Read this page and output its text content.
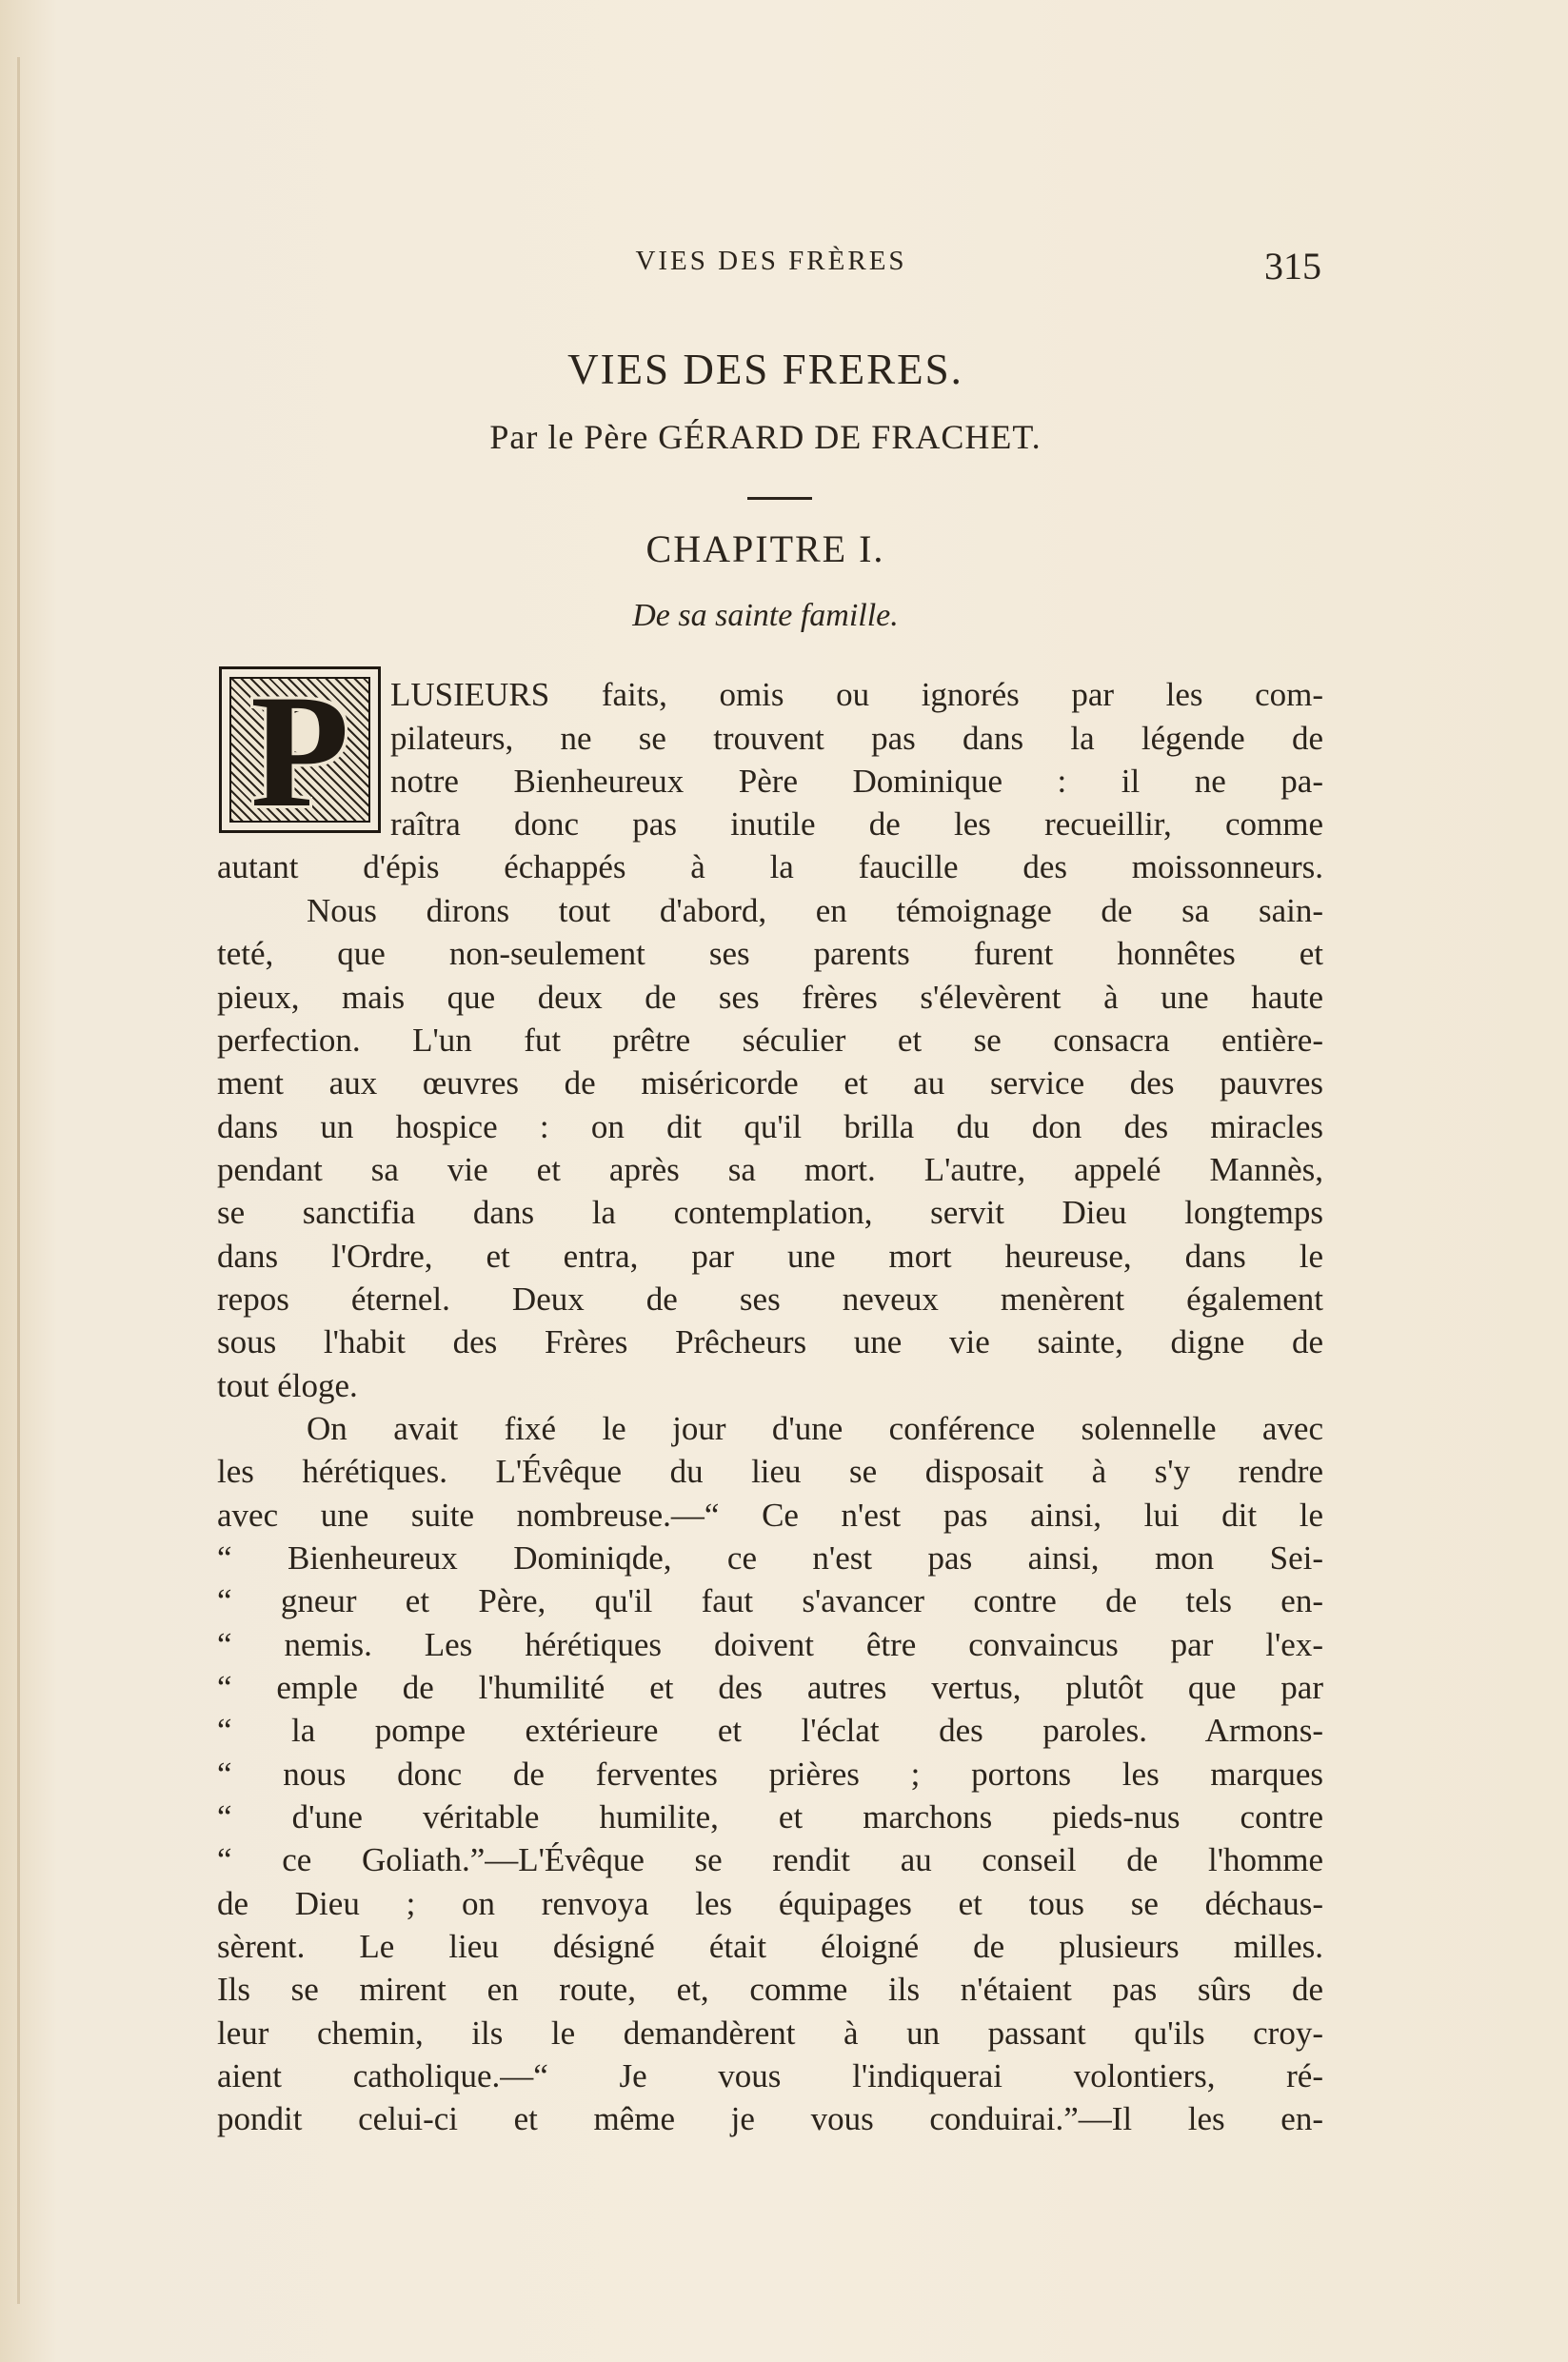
VIES DES FRÈRES	315
VIES DES FRERES.
Par le Père GÉRARD DE FRACHET.
CHAPITRE I.
De sa sainte famille.
P	LUSIEURS faits, omis ou ignorés par les com-
pilateurs, ne se trouvent pas dans la légende de
notre Bienheureux Père Dominique : il ne pa-
raîtra donc pas inutile de les recueillir, comme
autant d'épis échappés à la faucille des moissonneurs.
Nous dirons tout d'abord, en témoignage de sa sain-
teté, que non-seulement ses parents furent honnêtes et
pieux, mais que deux de ses frères s'élevèrent à une haute
perfection. L'un fut prêtre séculier et se consacra entière-
ment aux œuvres de miséricorde et au service des pauvres
dans un hospice : on dit qu'il brilla du don des miracles
pendant sa vie et après sa mort. L'autre, appelé Mannès,
se sanctifia dans la contemplation, servit Dieu longtemps
dans l'Ordre, et entra, par une mort heureuse, dans le
repos éternel. Deux de ses neveux menèrent également
sous l'habit des Frères Prêcheurs une vie sainte, digne de
tout éloge.
On avait fixé le jour d'une conférence solennelle avec
les hérétiques. L'Évêque du lieu se disposait à s'y rendre
avec une suite nombreuse.—“ Ce n'est pas ainsi, lui dit le
“ Bienheureux Dominiqde, ce n'est pas ainsi, mon Sei-
“ gneur et Père, qu'il faut s'avancer contre de tels en-
“ nemis. Les hérétiques doivent être convaincus par l'ex-
“ emple de l'humilité et des autres vertus, plutôt que par
“ la pompe extérieure et l'éclat des paroles. Armons-
“ nous donc de ferventes prières ; portons les marques
“ d'une véritable humilite, et marchons pieds-nus contre
“ ce Goliath.”—L'Évêque se rendit au conseil de l'homme
de Dieu ; on renvoya les équipages et tous se déchaus-
sèrent. Le lieu désigné était éloigné de plusieurs milles.
Ils se mirent en route, et, comme ils n'étaient pas sûrs de
leur chemin, ils le demandèrent à un passant qu'ils croy-
aient catholique.—“ Je vous l'indiquerai volontiers, ré-
pondit celui-ci et même je vous conduirai.”—Il les en-
